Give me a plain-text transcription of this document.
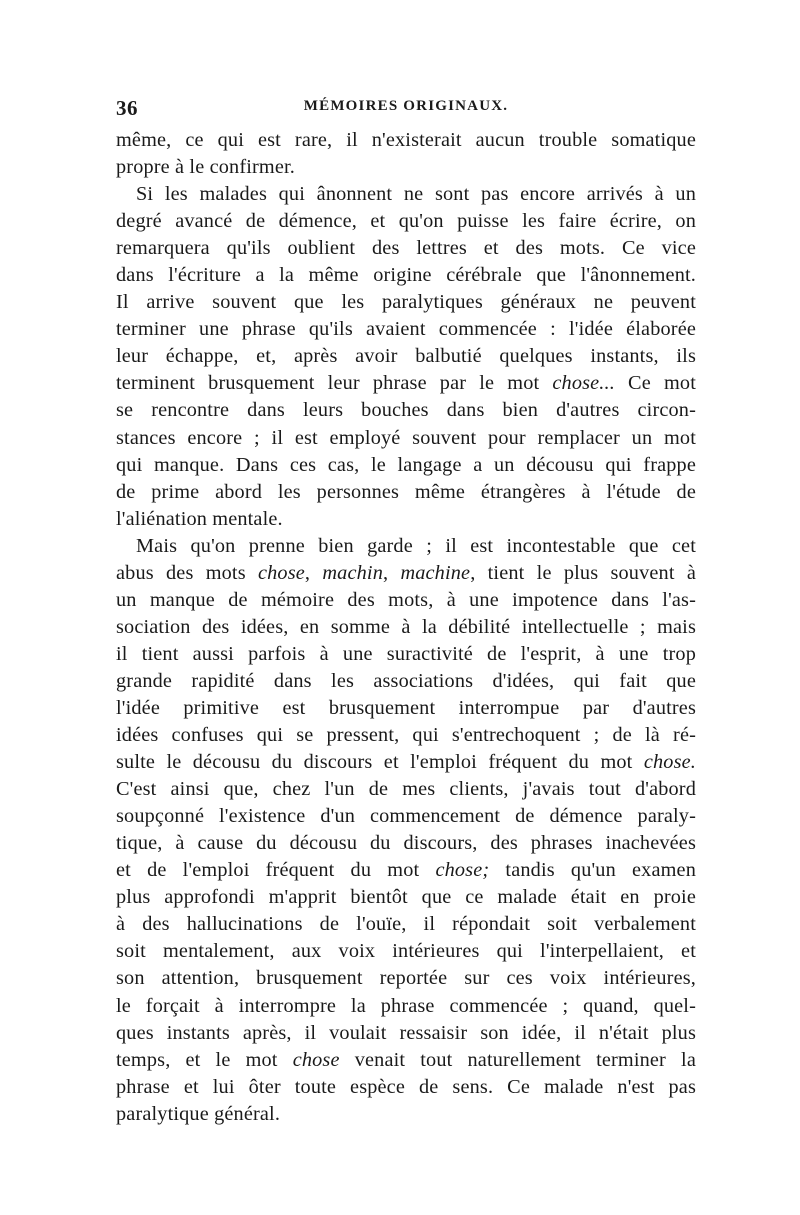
36	MÉMOIRES ORIGINAUX.
même, ce qui est rare, il n'existerait aucun trouble somatique
propre à le confirmer.
Si les malades qui ânonnent ne sont pas encore arrivés à un
degré avancé de démence, et qu'on puisse les faire écrire, on
remarquera qu'ils oublient des lettres et des mots. Ce vice
dans l'écriture a la même origine cérébrale que l'ânonnement.
Il arrive souvent que les paralytiques généraux ne peuvent
terminer une phrase qu'ils avaient commencée : l'idée élaborée
leur échappe, et, après avoir balbutié quelques instants, ils
terminent brusquement leur phrase par le mot chose... Ce mot
se rencontre dans leurs bouches dans bien d'autres circon-
stances encore ; il est employé souvent pour remplacer un mot
qui manque. Dans ces cas, le langage a un décousu qui frappe
de prime abord les personnes même étrangères à l'étude de
l'aliénation mentale.
Mais qu'on prenne bien garde ; il est incontestable que cet
abus des mots chose, machin, machine, tient le plus souvent à
un manque de mémoire des mots, à une impotence dans l'as-
sociation des idées, en somme à la débilité intellectuelle ; mais
il tient aussi parfois à une suractivité de l'esprit, à une trop
grande rapidité dans les associations d'idées, qui fait que
l'idée primitive est brusquement interrompue par d'autres
idées confuses qui se pressent, qui s'entrechoquent ; de là ré-
sulte le décousu du discours et l'emploi fréquent du mot chose.
C'est ainsi que, chez l'un de mes clients, j'avais tout d'abord
soupçonné l'existence d'un commencement de démence paraly-
tique, à cause du décousu du discours, des phrases inachevées
et de l'emploi fréquent du mot chose; tandis qu'un examen
plus approfondi m'apprit bientôt que ce malade était en proie
à des hallucinations de l'ouïe, il répondait soit verbalement
soit mentalement, aux voix intérieures qui l'interpellaient, et
son attention, brusquement reportée sur ces voix intérieures,
le forçait à interrompre la phrase commencée ; quand, quel-
ques instants après, il voulait ressaisir son idée, il n'était plus
temps, et le mot chose venait tout naturellement terminer la
phrase et lui ôter toute espèce de sens. Ce malade n'est pas
paralytique général.
